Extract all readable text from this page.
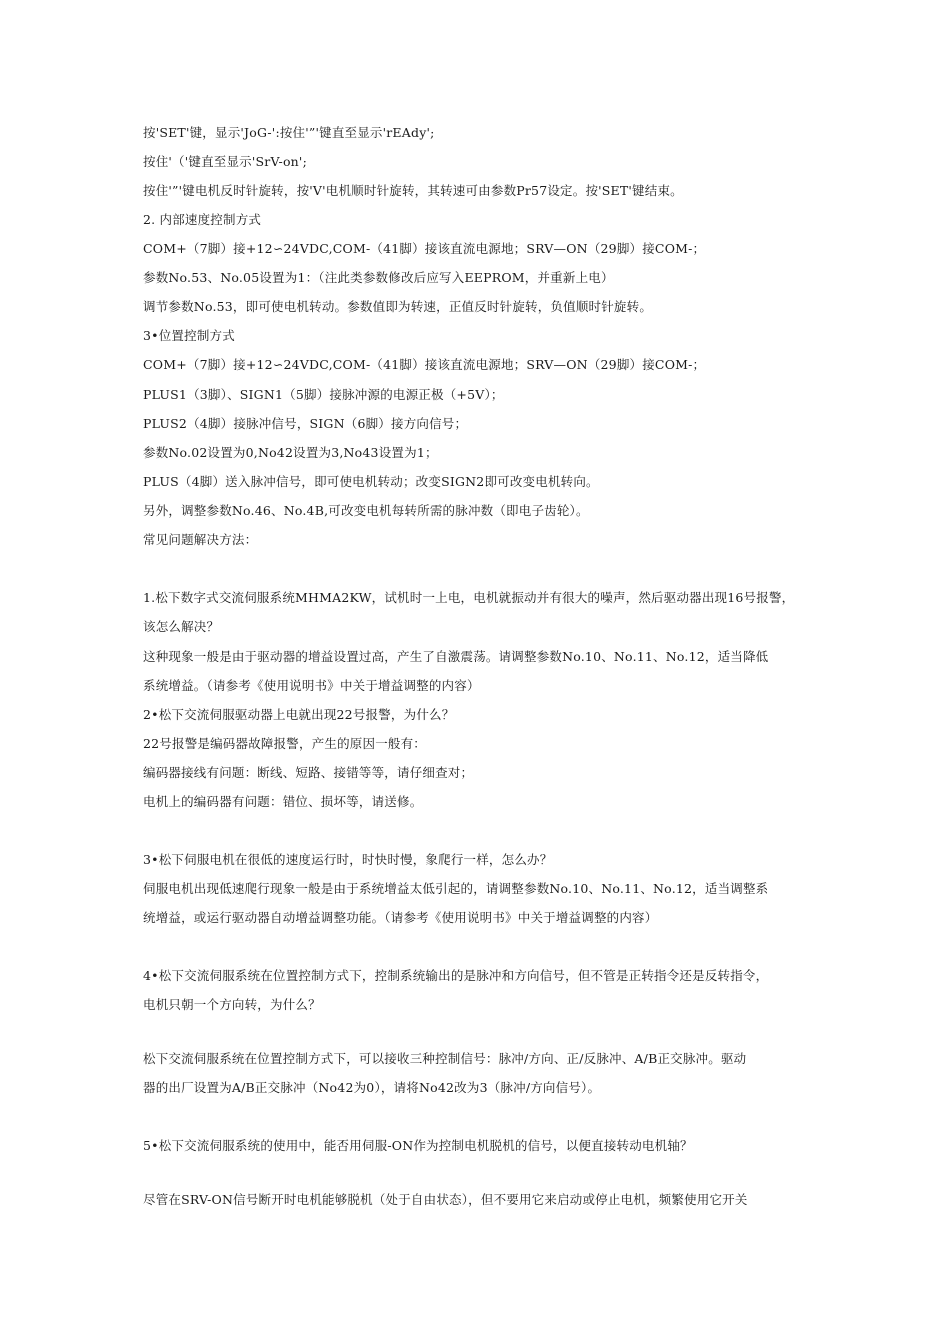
按'SET'键，显示'JoG-':按住'”'键直至显示'rEAdy';
按住'（'键直至显示'SrV-on';
按住'”'键电机反时针旋转，按'V'电机顺时针旋转，其转速可由参数Pr57设定。按'SET'键结束。
2. 内部速度控制方式
COM+（7脚）接+12∽24VDC,COM-（41脚）接该直流电源地；SRV—ON（29脚）接COM-；
参数No.53、No.05设置为1：（注此类参数修改后应写入EEPROM，并重新上电）
调节参数No.53，即可使电机转动。参数值即为转速，正值反时针旋转，负值顺时针旋转。
3•位置控制方式
COM+（7脚）接+12∽24VDC,COM-（41脚）接该直流电源地；SRV—ON（29脚）接COM-；
PLUS1（3脚）、SIGN1（5脚）接脉冲源的电源正极（+5V）；
PLUS2（4脚）接脉冲信号，SIGN（6脚）接方向信号；
参数No.02设置为0,No42设置为3,No43设置为1；
PLUS（4脚）送入脉冲信号，即可使电机转动；改变SIGN2即可改变电机转向。
另外，调整参数No.46、No.4B,可改变电机每转所需的脉冲数（即电子齿轮）。
常见问题解决方法：
1.松下数字式交流伺服系统MHMA2KW，试机时一上电，电机就振动并有很大的噪声，然后驱动器出现16号报警，
该怎么解决？
这种现象一般是由于驱动器的增益设置过高，产生了自激震荡。请调整参数No.10、No.11、No.12，适当降低
系统增益。（请参考《使用说明书》中关于增益调整的内容）
2•松下交流伺服驱动器上电就出现22号报警，为什么？
22号报警是编码器故障报警，产生的原因一般有：
编码器接线有问题：断线、短路、接错等等，请仔细查对；
电机上的编码器有问题：错位、损坏等，请送修。
3•松下伺服电机在很低的速度运行时，时快时慢，象爬行一样，怎么办？
伺服电机出现低速爬行现象一般是由于系统增益太低引起的，请调整参数No.10、No.11、No.12，适当调整系
统增益，或运行驱动器自动增益调整功能。（请参考《使用说明书》中关于增益调整的内容）
4•松下交流伺服系统在位置控制方式下，控制系统输出的是脉冲和方向信号，但不管是正转指令还是反转指令，
电机只朝一个方向转，为什么？
松下交流伺服系统在位置控制方式下，可以接收三种控制信号：脉冲/方向、正/反脉冲、A/B正交脉冲。驱动
器的出厂设置为A/B正交脉冲（No42为0），请将No42改为3（脉冲/方向信号）。
5•松下交流伺服系统的使用中，能否用伺服-ON作为控制电机脱机的信号，以便直接转动电机轴？
尽管在SRV-ON信号断开时电机能够脱机（处于自由状态），但不要用它来启动或停止电机，频繁使用它开关
